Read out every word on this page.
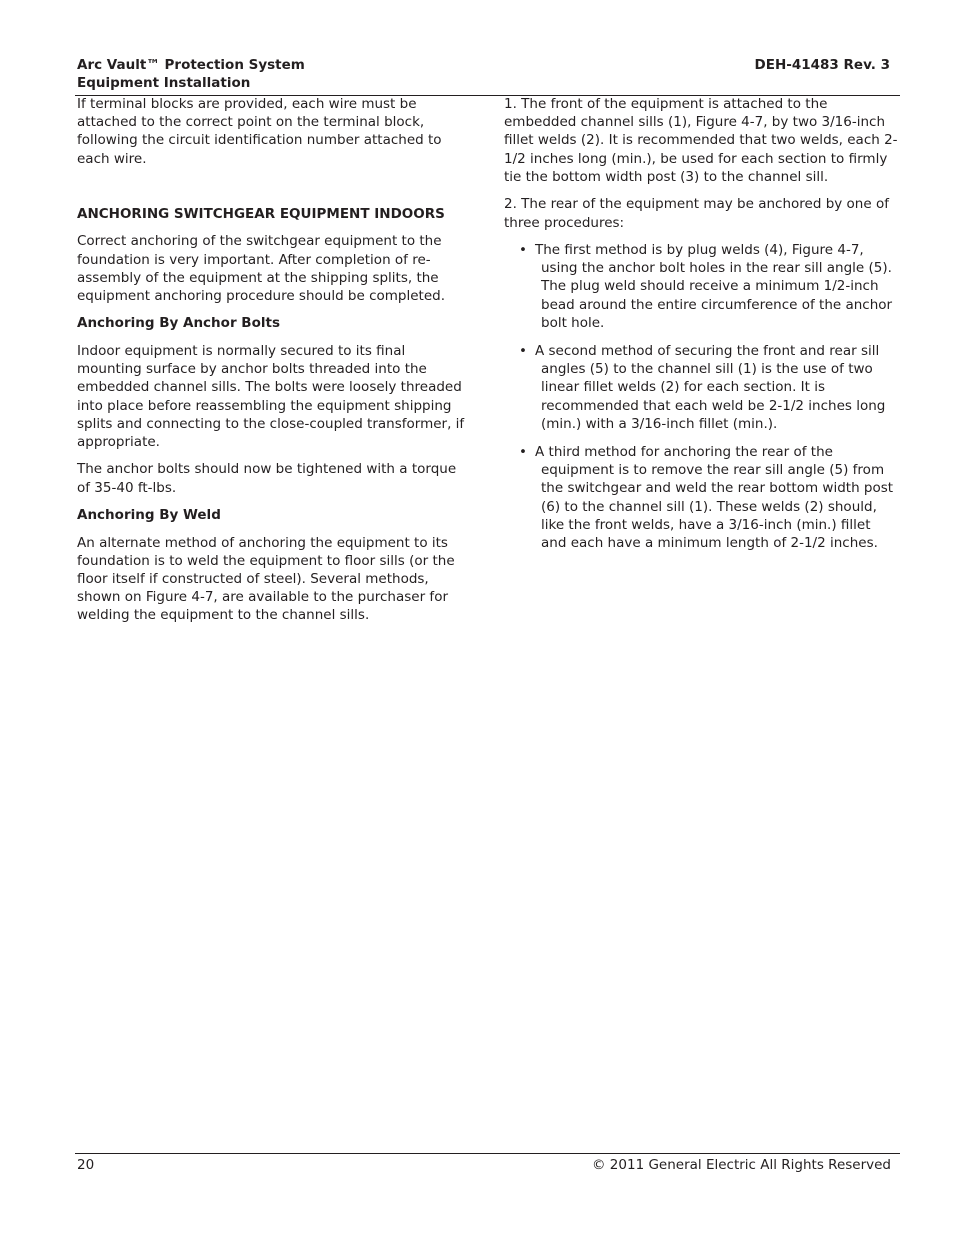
Arc Vault™ Protection System
Equipment Installation
DEH-41483 Rev. 3

If terminal blocks are provided, each wire must be attached to the correct point on the terminal block, following the circuit identification number attached to each wire.

ANCHORING SWITCHGEAR EQUIPMENT INDOORS

Correct anchoring of the switchgear equipment to the foundation is very important. After completion of re-assembly of the equipment at the shipping splits, the equipment anchoring procedure should be completed.

Anchoring By Anchor Bolts

Indoor equipment is normally secured to its final mounting surface by anchor bolts threaded into the embedded channel sills. The bolts were loosely threaded into place before reassembling the equipment shipping splits and connecting to the close-coupled transformer, if appropriate.

The anchor bolts should now be tightened with a torque of 35-40 ft-lbs.

Anchoring By Weld

An alternate method of anchoring the equipment to its foundation is to weld the equipment to floor sills (or the floor itself if constructed of steel). Several methods, shown on Figure 4-7, are available to the purchaser for welding the equipment to the channel sills.

1. The front of the equipment is attached to the embedded channel sills (1), Figure 4-7, by two 3/16-inch fillet welds (2). It is recommended that two welds, each 2-1/2 inches long (min.), be used for each section to firmly tie the bottom width post (3) to the channel sill.

2. The rear of the equipment may be anchored by one of three procedures:

• The first method is by plug welds (4), Figure 4-7, using the anchor bolt holes in the rear sill angle (5). The plug weld should receive a minimum 1/2-inch bead around the entire circumference of the anchor bolt hole.
• A second method of securing the front and rear sill angles (5) to the channel sill (1) is the use of two linear fillet welds (2) for each section. It is recommended that each weld be 2-1/2 inches long (min.) with a 3/16-inch fillet (min.).
• A third method for anchoring the rear of the equipment is to remove the rear sill angle (5) from the switchgear and weld the rear bottom width post (6) to the channel sill (1). These welds (2) should, like the front welds, have a 3/16-inch (min.) fillet and each have a minimum length of 2-1/2 inches.
20	© 2011 General Electric All Rights Reserved
